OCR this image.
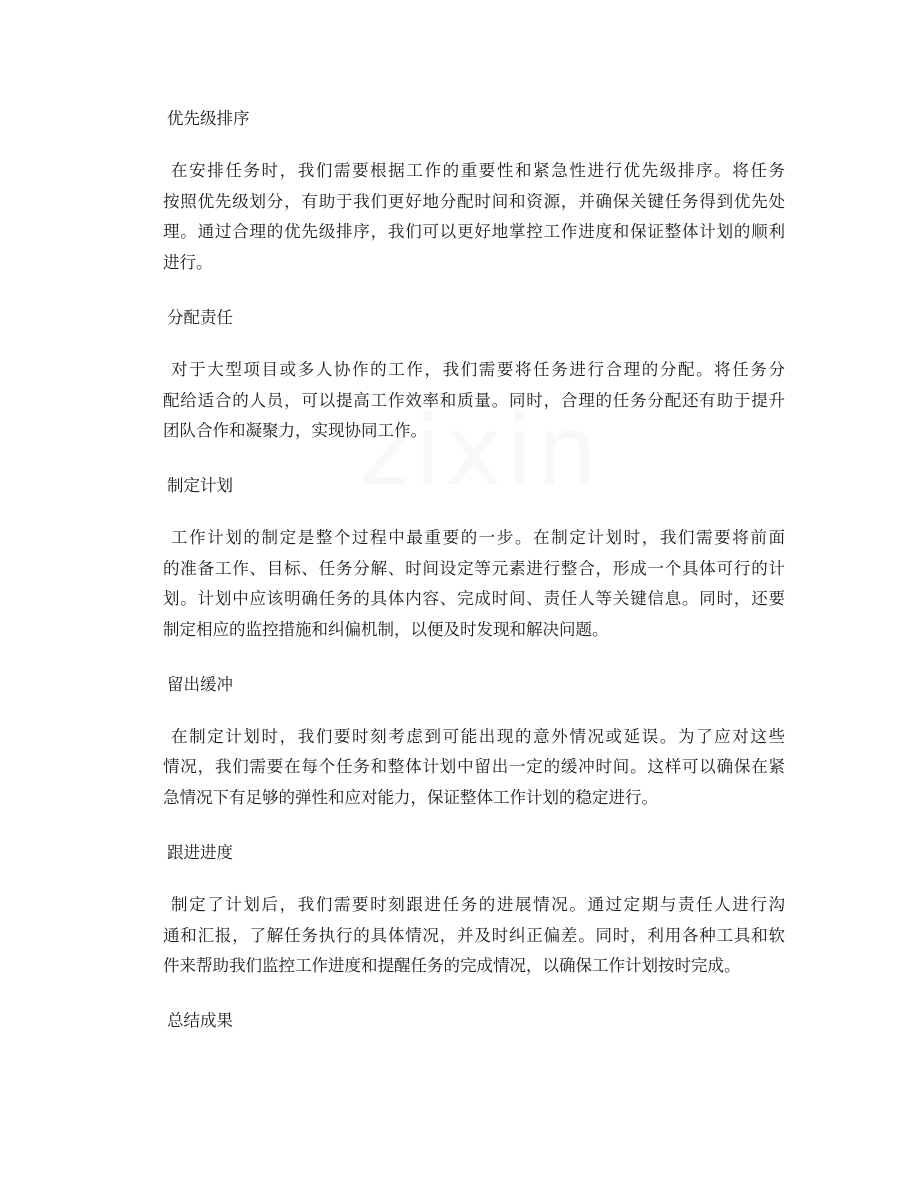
zixin
优先级排序
在安排任务时，我们需要根据工作的重要性和紧急性进行优先级排序。将任务
按照优先级划分，有助于我们更好地分配时间和资源，并确保关键任务得到优先处
理。通过合理的优先级排序，我们可以更好地掌控工作进度和保证整体计划的顺利
进行。
分配责任
对于大型项目或多人协作的工作，我们需要将任务进行合理的分配。将任务分
配给适合的人员，可以提高工作效率和质量。同时，合理的任务分配还有助于提升
团队合作和凝聚力，实现协同工作。
制定计划
工作计划的制定是整个过程中最重要的一步。在制定计划时，我们需要将前面
的准备工作、目标、任务分解、时间设定等元素进行整合，形成一个具体可行的计
划。计划中应该明确任务的具体内容、完成时间、责任人等关键信息。同时，还要
制定相应的监控措施和纠偏机制，以便及时发现和解决问题。
留出缓冲
在制定计划时，我们要时刻考虑到可能出现的意外情况或延误。为了应对这些
情况，我们需要在每个任务和整体计划中留出一定的缓冲时间。这样可以确保在紧
急情况下有足够的弹性和应对能力，保证整体工作计划的稳定进行。
跟进进度
制定了计划后，我们需要时刻跟进任务的进展情况。通过定期与责任人进行沟
通和汇报，了解任务执行的具体情况，并及时纠正偏差。同时，利用各种工具和软
件来帮助我们监控工作进度和提醒任务的完成情况，以确保工作计划按时完成。
总结成果
